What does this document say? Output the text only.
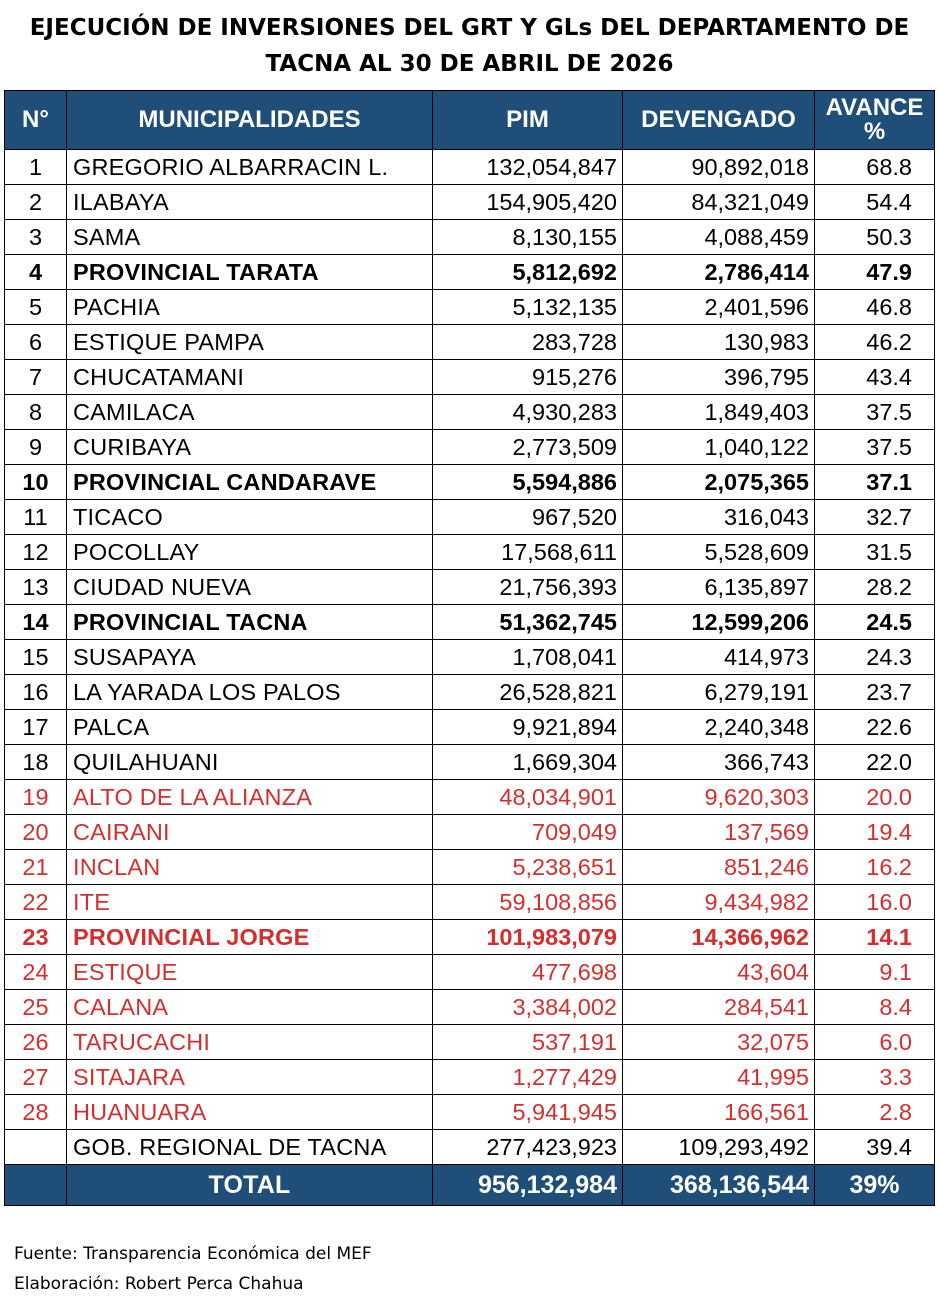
EJECUCIÓN DE INVERSIONES DEL GRT Y GLs DEL DEPARTAMENTO DE
TACNA AL 30 DE ABRIL DE 2026
N°	MUNICIPALIDADES	PIM	DEVENGADO	AVANCE %
1	GREGORIO ALBARRACIN L.	132,054,847	90,892,018	68.8
2	ILABAYA	154,905,420	84,321,049	54.4
3	SAMA	8,130,155	4,088,459	50.3
4	PROVINCIAL TARATA	5,812,692	2,786,414	47.9
5	PACHIA	5,132,135	2,401,596	46.8
6	ESTIQUE PAMPA	283,728	130,983	46.2
7	CHUCATAMANI	915,276	396,795	43.4
8	CAMILACA	4,930,283	1,849,403	37.5
9	CURIBAYA	2,773,509	1,040,122	37.5
10	PROVINCIAL CANDARAVE	5,594,886	2,075,365	37.1
11	TICACO	967,520	316,043	32.7
12	POCOLLAY	17,568,611	5,528,609	31.5
13	CIUDAD NUEVA	21,756,393	6,135,897	28.2
14	PROVINCIAL TACNA	51,362,745	12,599,206	24.5
15	SUSAPAYA	1,708,041	414,973	24.3
16	LA YARADA LOS PALOS	26,528,821	6,279,191	23.7
17	PALCA	9,921,894	2,240,348	22.6
18	QUILAHUANI	1,669,304	366,743	22.0
19	ALTO DE LA ALIANZA	48,034,901	9,620,303	20.0
20	CAIRANI	709,049	137,569	19.4
21	INCLAN	5,238,651	851,246	16.2
22	ITE	59,108,856	9,434,982	16.0
23	PROVINCIAL JORGE	101,983,079	14,366,962	14.1
24	ESTIQUE	477,698	43,604	9.1
25	CALANA	3,384,002	284,541	8.4
26	TARUCACHI	537,191	32,075	6.0
27	SITAJARA	1,277,429	41,995	3.3
28	HUANUARA	5,941,945	166,561	2.8
	GOB. REGIONAL DE TACNA	277,423,923	109,293,492	39.4
	TOTAL	956,132,984	368,136,544	39%
Fuente: Transparencia Económica del MEF
Elaboración: Robert Perca Chahua
